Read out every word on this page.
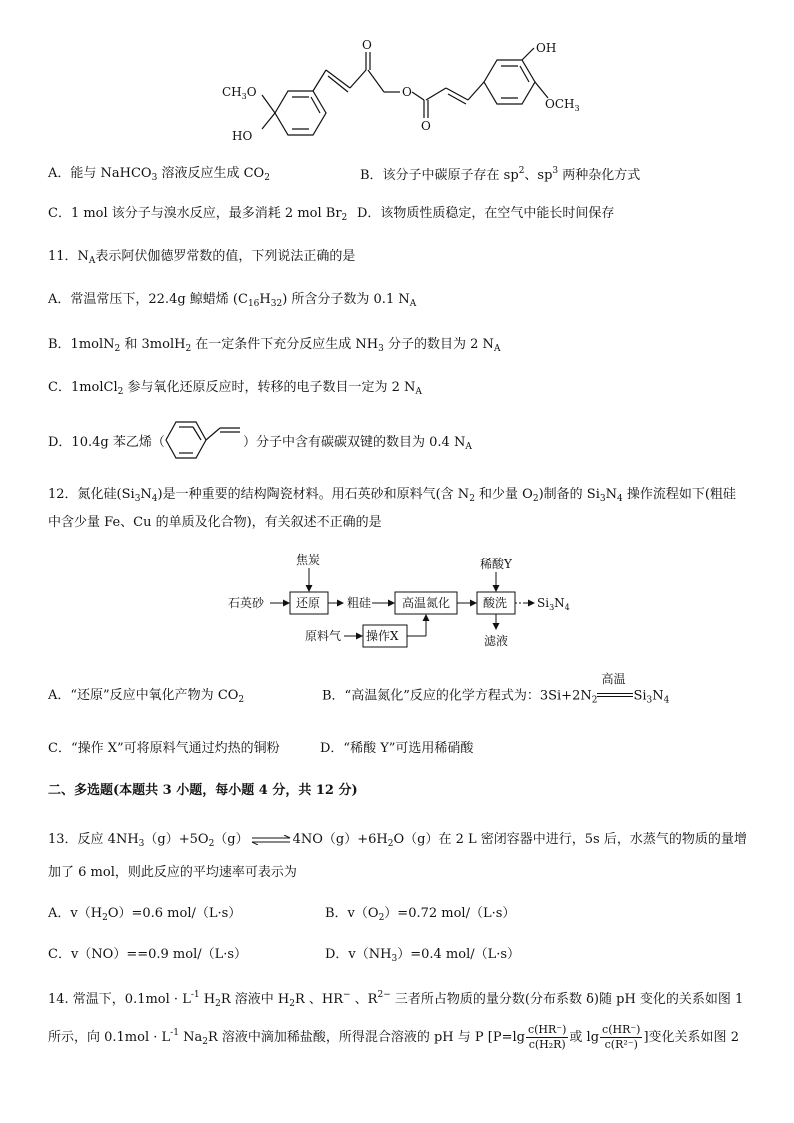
$CH_3O$
HO
O
O
O
OH
$OCH_3$
A．能与 NaHCO$_3$ 溶液反应生成 $CO_2$	B．该分子中碳原子存在 $sp^2$、$sp^3$ 两种杂化方式
C．1 mol 该分子与溴水反应，最多消耗 2 mol $Br_2$ D．该物质性质稳定，在空气中能长时间保存
11．$N_A$表示阿伏伽德罗常数的值，下列说法正确的是
A．常温常压下，22.4g 鲸蜡烯 $(C_{16}H_{32})$ 所含分子数为 0.1 $N_A$
B．1molN$_2$ 和 3molH$_2$ 在一定条件下充分反应生成 $NH_3$ 分子的数目为 2 $N_A$
C．1molCl$_2$ 参与氧化还原反应时，转移的电子数目一定为 2 $N_A$
D．10.4g 苯乙烯（	）分子中含有碳碳双键的数目为 0.4 $N_A$
12．氮化硅$(Si_3N_4)$是一种重要的结构陶瓷材料。用石英砂和原料气(含 $N_2$ 和少量 $O_2$)制备的 $Si_3N_4$ 操作流程如下(粗硅
中含少量 Fe、Cu 的单质及化合物)，有关叙述不正确的是
焦炭
石英砂	还原 粗硅	高温氮化
稀酸Y
酸洗 $Si_3N_4$
原料气 操作X	滤液
A．“还原”反应中氧化产物为 $CO_2$	B．“高温氮化”反应的化学方程式为：$3Si+2N_2$
高温
$Si_3N_4$
C．“操作 X”可将原料气通过灼热的铜粉	D．“稀酸 Y”可选用稀硝酸
二、多选题(本题共 3 小题，每小题 4 分，共 12 分)
13．反应 $4NH_3(g)+5O_2(g)$ ⇌ $4NO(g)+6H_2O(g)$在 2 L 密闭容器中进行，5s 后，水蒸气的物质的量增
加了 6 mol，则此反应的平均速率可表示为
A．$v(H_2O)=0.6$ mol/（L·s）	B．$v(O_2)=0.72$ mol/（L·s）
C．v（NO）==0.9 mol/（L·s）	D．$v(NH_3)=0.4$ mol/（L·s）
14. 常温下，$0.1mol \cdot L^{-1}$ $H_2R$ 溶液中 $H_2R$ 、HR− 、$R^{2-}$ 三者所占物质的量分数(分布系数 δ)随 pH 变化的关系如图 1
所示，向 $0.1mol \cdot L^{-1}$ $Na_2R$ 溶液中滴加稀盐酸，所得混合溶液的 pH 与 P [$P=\lg \frac{c(HR^-)}{\text{c(H₂R)}}$ 或 $\lg \frac{c(HR^-)}{\text{c(R²⁻)}}$ ]变化关系如图 2
